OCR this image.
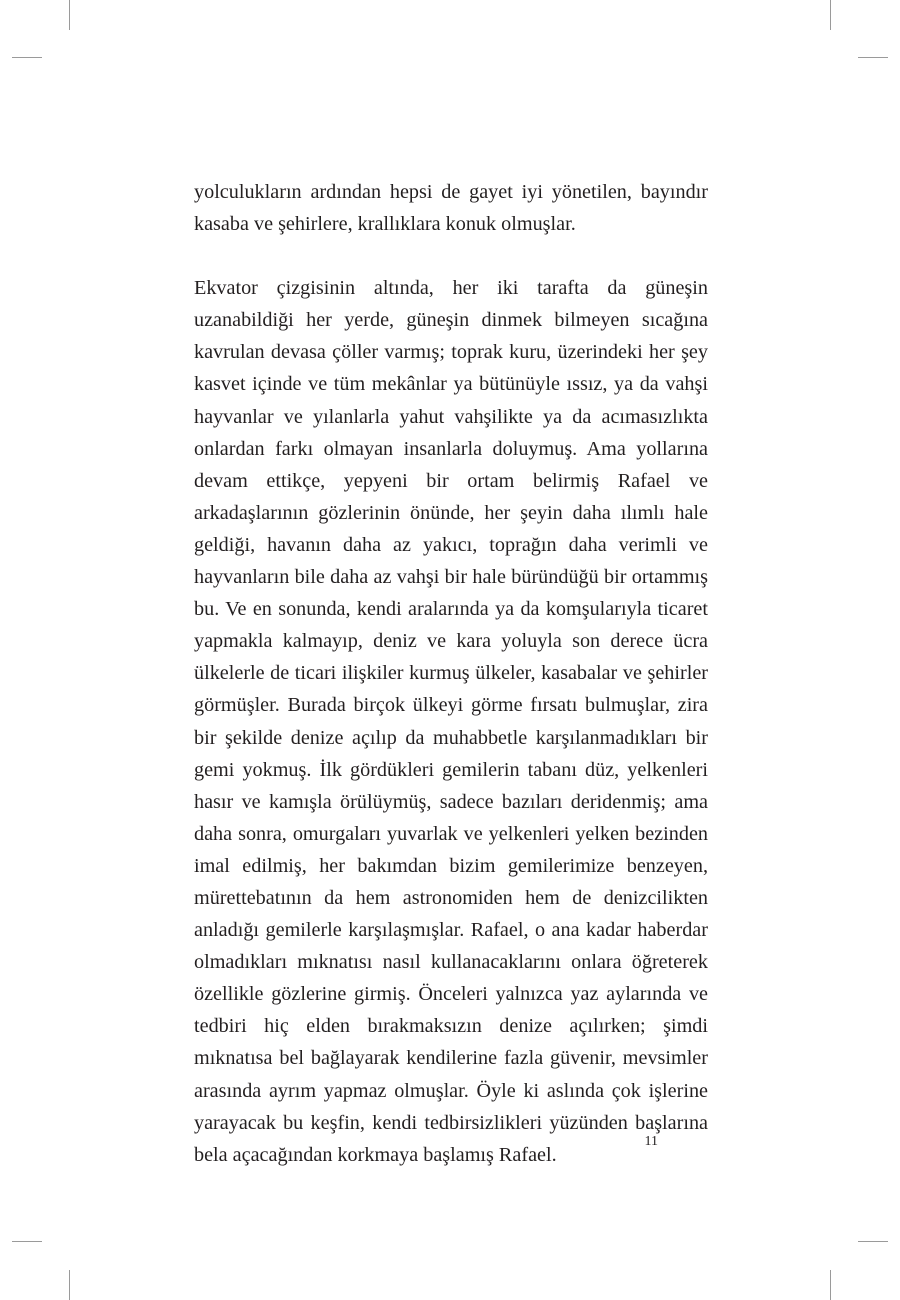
yolculukların ardından hepsi de gayet iyi yönetilen, bayındır kasaba ve şehirlere, krallıklara konuk olmuşlar.

Ekvator çizgisinin altında, her iki tarafta da güneşin uzanabildiği her yerde, güneşin dinmek bilmeyen sıcağına kavrulan devasa çöller varmış; toprak kuru, üzerindeki her şey kasvet içinde ve tüm mekânlar ya bütünüyle ıssız, ya da vahşi hayvanlar ve yılanlarla yahut vahşilikte ya da acımasızlıkta onlardan farkı olmayan insanlarla doluymuş. Ama yollarına devam ettikçe, yepyeni bir ortam belirmiş Rafael ve arkadaşlarının gözlerinin önünde, her şeyin daha ılımlı hale geldiği, havanın daha az yakıcı, toprağın daha verimli ve hayvanların bile daha az vahşi bir hale büründüğü bir ortammış bu. Ve en sonunda, kendi aralarında ya da komşularıyla ticaret yapmakla kalmayıp, deniz ve kara yoluyla son derece ücra ülkelerle de ticari ilişkiler kurmuş ülkeler, kasabalar ve şehirler görmüşler. Burada birçok ülkeyi görme fırsatı bulmuşlar, zira bir şekilde denize açılıp da muhabbetle karşılanmadıkları bir gemi yokmuş. İlk gördükleri gemilerin tabanı düz, yelkenleri hasır ve kamışla örülüymüş, sadece bazıları deridenmiş; ama daha sonra, omurgaları yuvarlak ve yelkenleri yelken bezinden imal edilmiş, her bakımdan bizim gemilerimize benzeyen, mürettebatının da hem astronomiden hem de denizcilikten anladığı gemilerle karşılaşmışlar. Rafael, o ana kadar haberdar olmadıkları mıknatısı nasıl kullanacaklarını onlara öğreterek özellikle gözlerine girmiş. Önceleri yalnızca yaz aylarında ve tedbiri hiç elden bırakmaksızın denize açılırken; şimdi mıknatısa bel bağlayarak kendilerine fazla güvenir, mevsimler arasında ayrım yapmaz olmuşlar. Öyle ki aslında çok işlerine yarayacak bu keşfin, kendi tedbirsizlikleri yüzünden başlarına bela açacağından korkmaya başlamış Rafael.

11
